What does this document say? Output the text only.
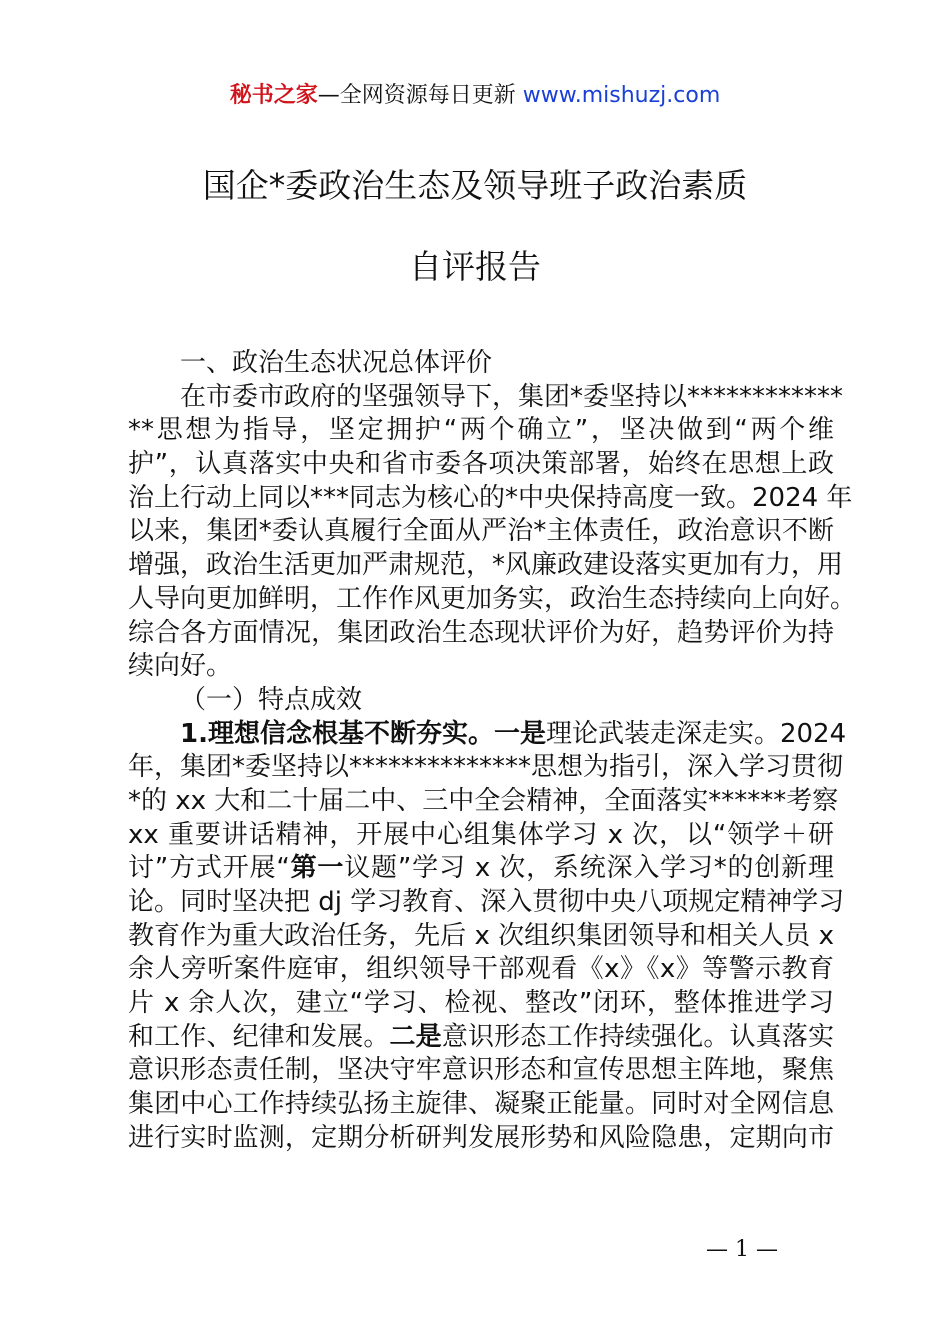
秘书之家—全网资源每日更新 www.mishuzj.com
国企*委政治生态及领导班子政治素质
自评报告
一、政治生态状况总体评价
在市委市政府的坚强领导下，集团*委坚持以************
**思想为指导，坚定拥护“两个确立”，坚决做到“两个维
护”，认真落实中央和省市委各项决策部署，始终在思想上政
治上行动上同以***同志为核心的*中央保持高度一致。2024 年
以来，集团*委认真履行全面从严治*主体责任，政治意识不断
增强，政治生活更加严肃规范，*风廉政建设落实更加有力，用
人导向更加鲜明，工作作风更加务实，政治生态持续向上向好。
综合各方面情况，集团政治生态现状评价为好，趋势评价为持
续向好。
（一）特点成效
1.理想信念根基不断夯实。一是理论武装走深走实。2024
年，集团*委坚持以**************思想为指引，深入学习贯彻
*的 xx 大和二十届二中、三中全会精神，全面落实******考察
xx 重要讲话精神，开展中心组集体学习 x 次，以“领学＋研
讨”方式开展“第一议题”学习 x 次，系统深入学习*的创新理
论。同时坚决把 dj 学习教育、深入贯彻中央八项规定精神学习
教育作为重大政治任务，先后 x 次组织集团领导和相关人员 x
余人旁听案件庭审，组织领导干部观看《x》《x》等警示教育
片 x 余人次，建立“学习、检视、整改”闭环，整体推进学习
和工作、纪律和发展。二是意识形态工作持续强化。认真落实
意识形态责任制，坚决守牢意识形态和宣传思想主阵地，聚焦
集团中心工作持续弘扬主旋律、凝聚正能量。同时对全网信息
进行实时监测，定期分析研判发展形势和风险隐患，定期向市
— 1 —
